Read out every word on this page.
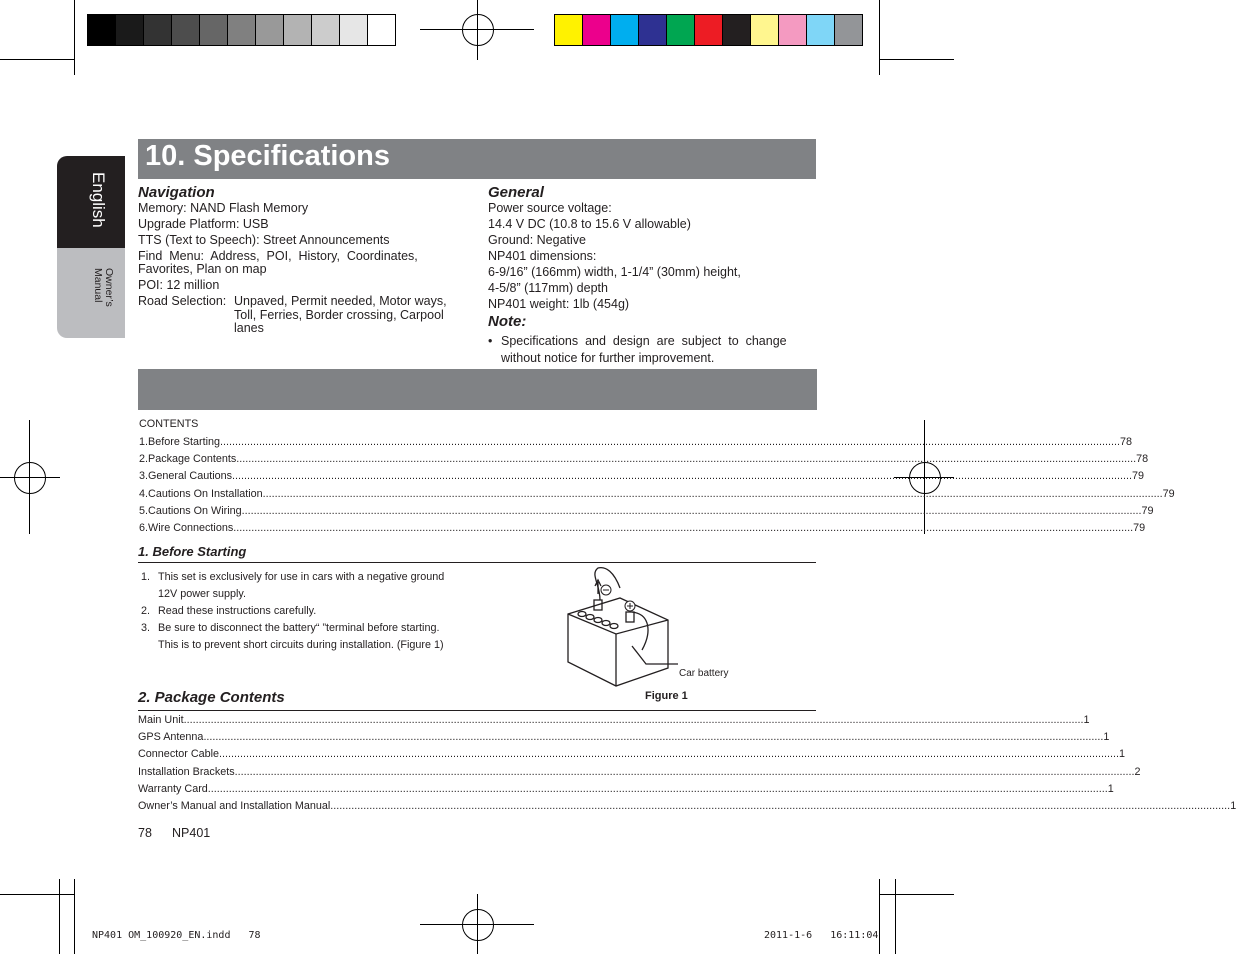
English
Owner’s
Manual
10. Specifications
Navigation
Memory: NAND Flash Memory
Upgrade Platform: USB
TTS (Text to Speech): Street Announcements
Find  Menu:  Address,  POI,  History,  Coordinates,
Favorites, Plan on map
POI: 12 million
Road Selection: Unpaved, Permit needed, Motor ways,
Toll, Ferries, Border crossing, Carpool
lanes
General
Power source voltage:
14.4 V DC (10.8 to 15.6 V allowable)
Ground: Negative
NP401 dimensions:
6-9/16” (166mm) width, 1-1/4” (30mm) height,
4-5/8” (117mm) depth
NP401 weight: 1lb (454g)
Note:
• Specifications  and  design  are  subject  to  change
without notice for further improvement.
CONTENTS
1. Before Starting ............................................................................................................................................................................................................................................................................................................ 78
2. Package Contents ............................................................................................................................................................................................................................................................................................................ 78
3. General Cautions ............................................................................................................................................................................................................................................................................................................ 79
4. Cautions On Installation ............................................................................................................................................................................................................................................................................................................ 79
5. Cautions On Wiring ............................................................................................................................................................................................................................................................................................................ 79
6. Wire Connections ............................................................................................................................................................................................................................................................................................................ 79
1. Before Starting
1. This set is exclusively for use in cars with a negative ground
12V power supply.
2. Read these instructions carefully.
3. Be sure to disconnect the battery“ ”terminal before starting.
This is to prevent short circuits during installation. (Figure 1)
Car battery
Figure 1
2. Package Contents
Main Unit ............................................................................................................................................................................................................................................................................................................ 1
GPS Antenna ............................................................................................................................................................................................................................................................................................................ 1
Connector Cable ............................................................................................................................................................................................................................................................................................................ 1
Installation Brackets ............................................................................................................................................................................................................................................................................................................ 2
Warranty Card ............................................................................................................................................................................................................................................................................................................ 1
Owner’s Manual and Installation Manual ............................................................................................................................................................................................................................................................................................................ 1
78 NP401
NP401 OM_100920_EN.indd   78	2011-1-6   16:11:04
